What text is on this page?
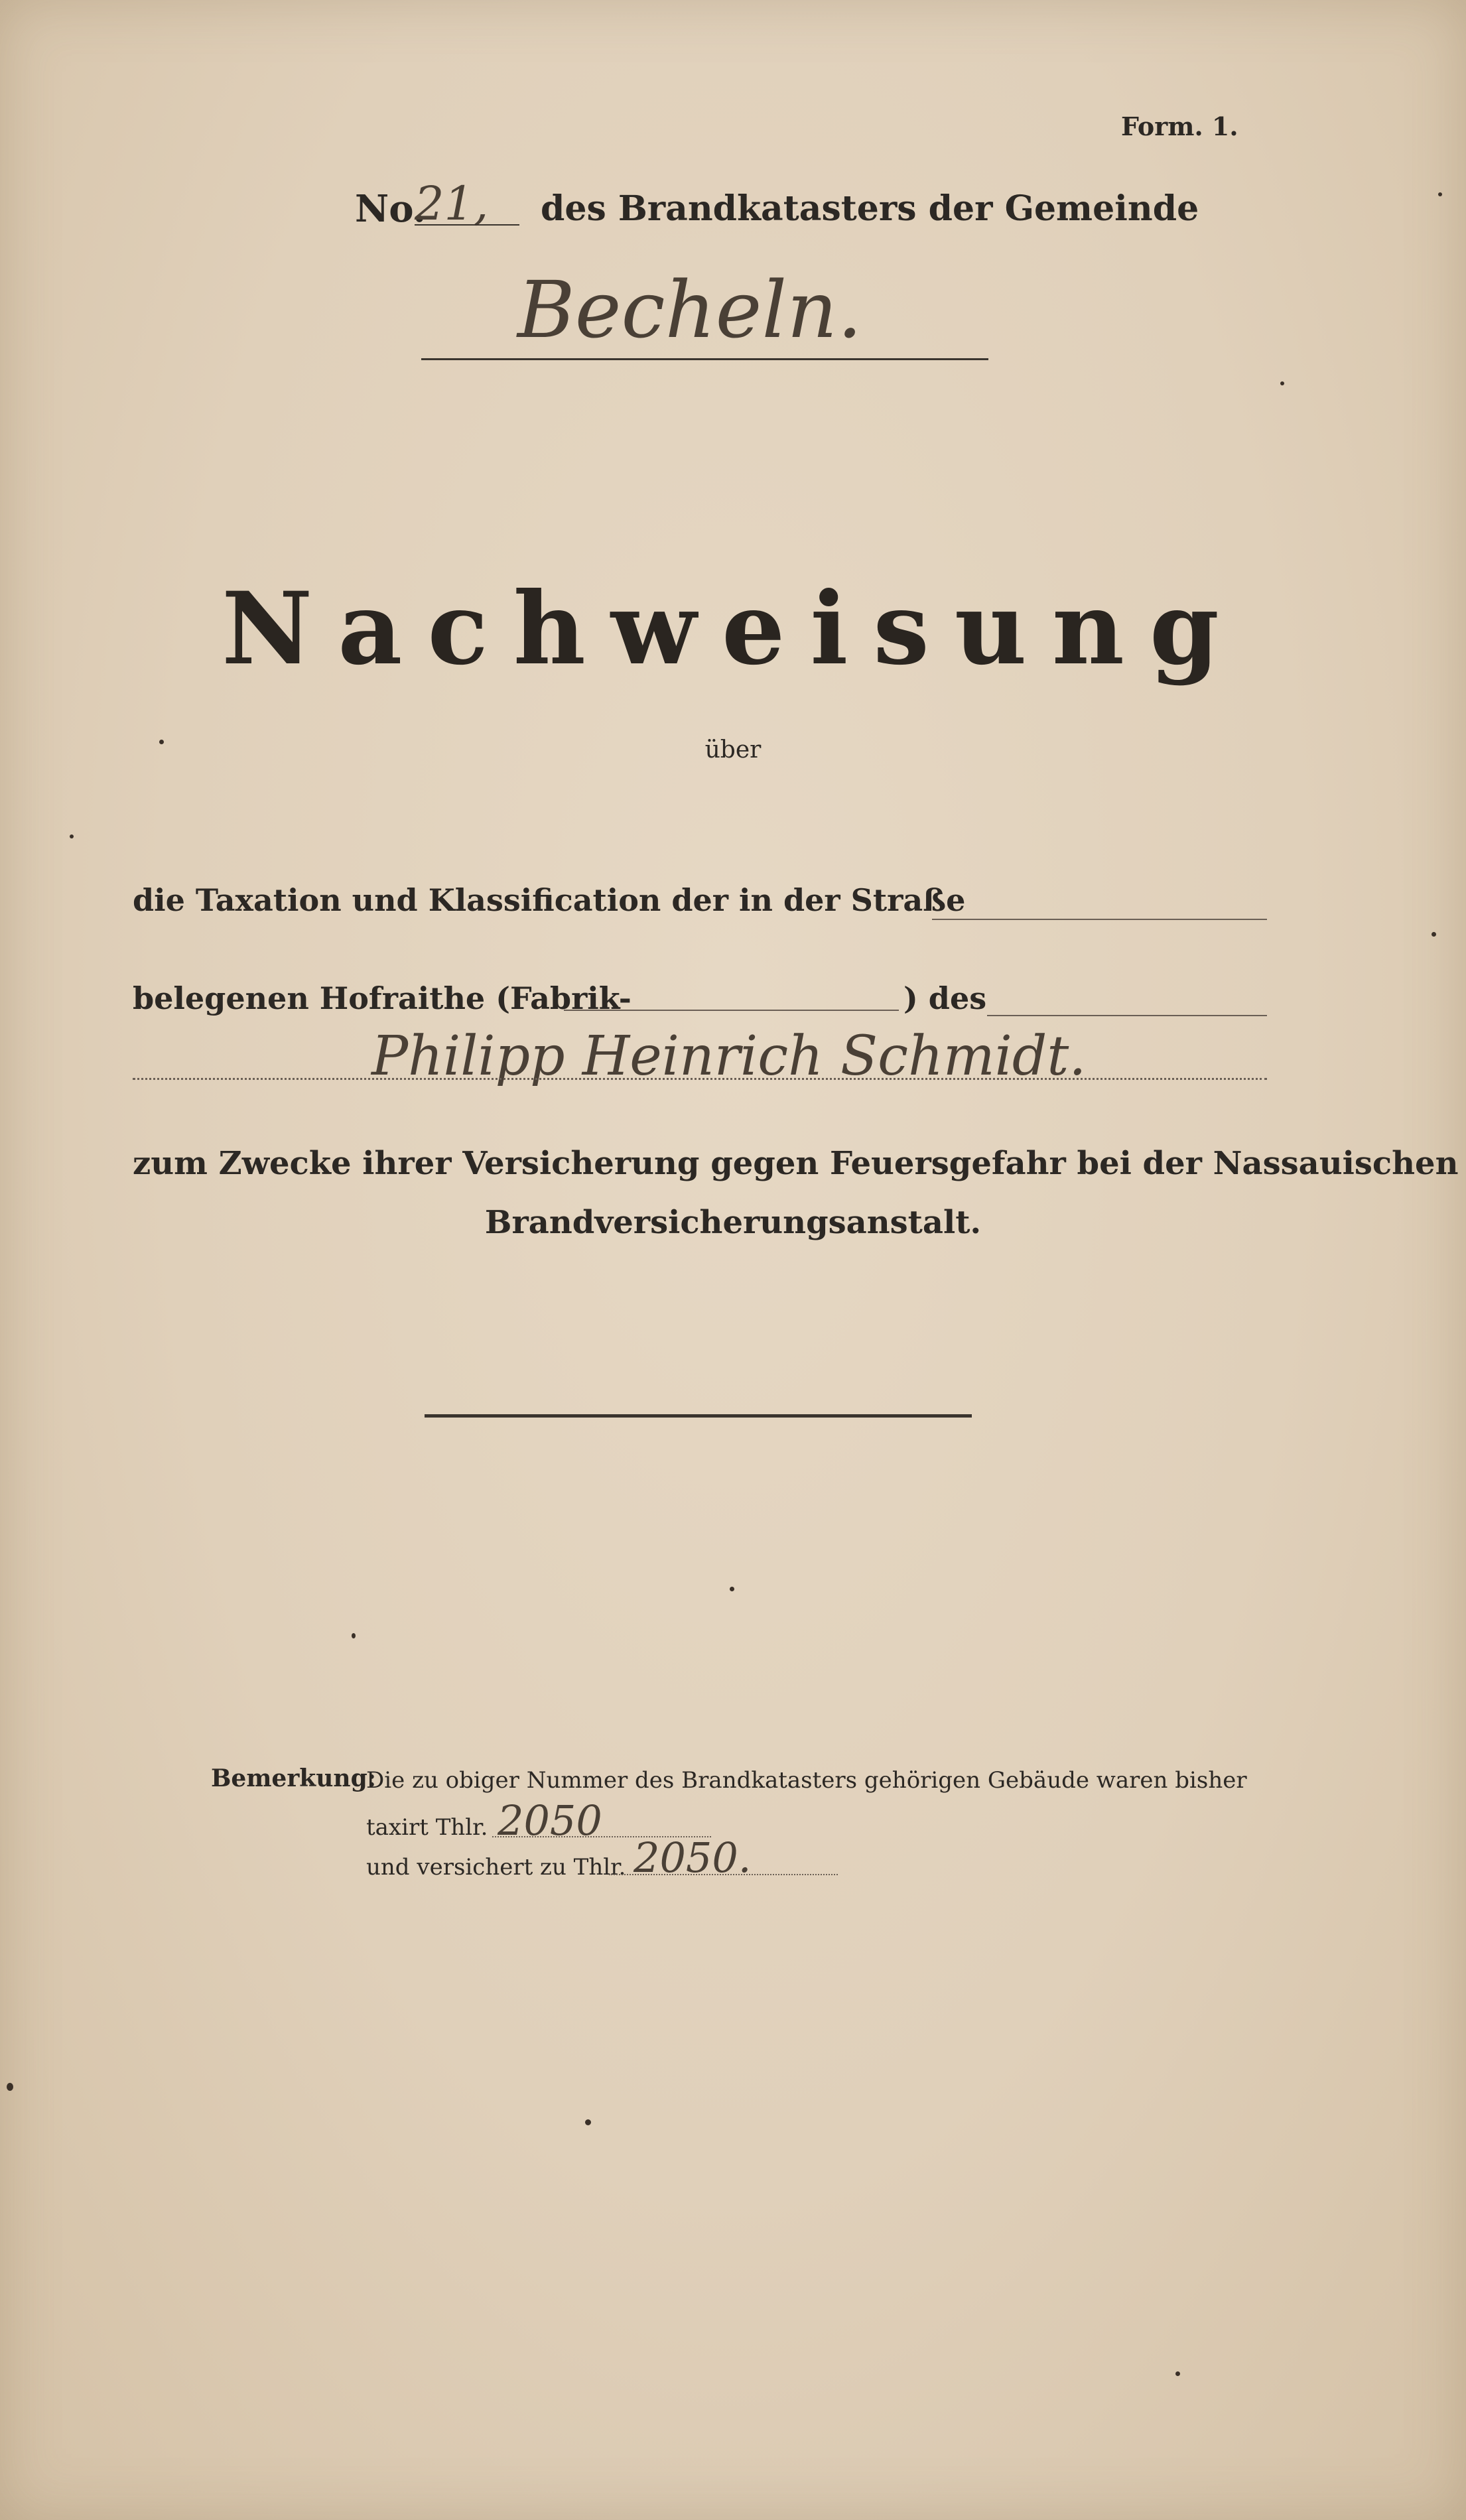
Form. 1.
No.
21, des Brandkatasters der Gemeinde
Becheln.
Nachweisung
über
die Taxation und Klassification der in der Straße
belegenen Hofraithe (Fabrik-	) des
Philipp Heinrich Schmidt.
zum Zwecke ihrer Versicherung gegen Feuersgefahr bei der Nassauischen
Brandversicherungsanstalt.
Bemerkung:
Die zu obiger Nummer des Brandkatasters gehörigen Gebäude waren bisher
taxirt Thlr. 2050
und versichert zu Thlr. 2050.
